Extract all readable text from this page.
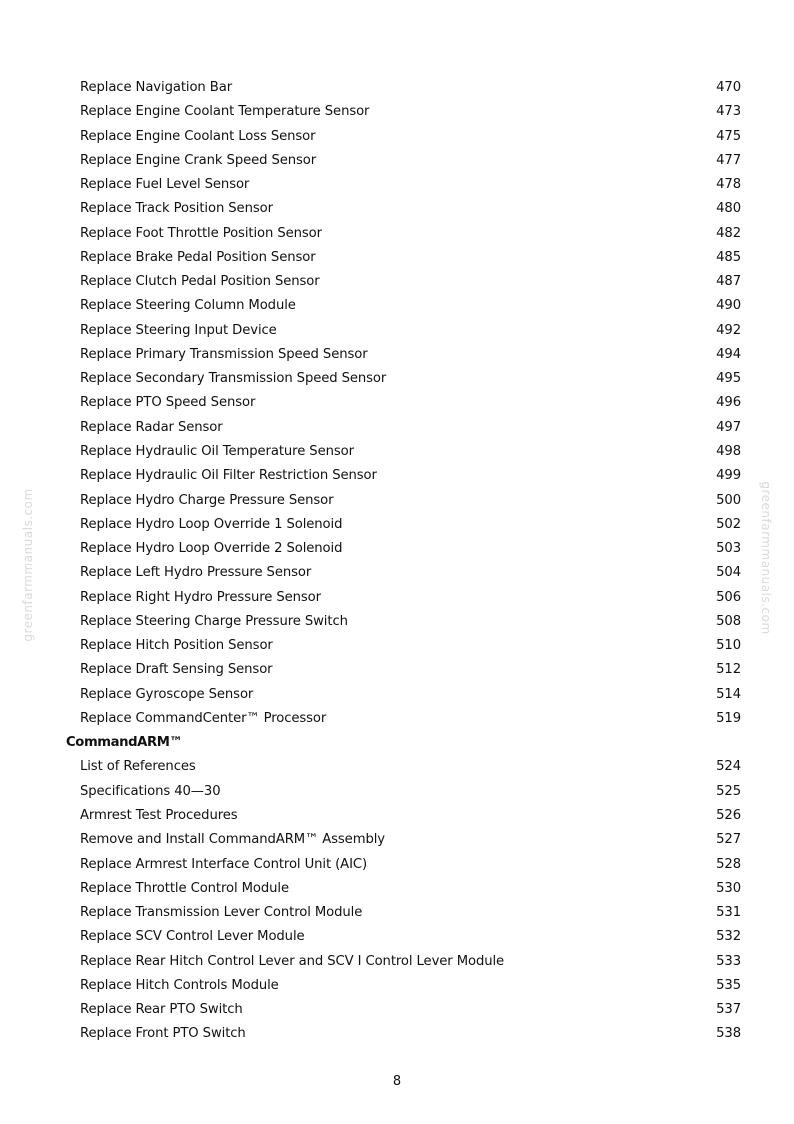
greenfarmmanuals.com	greenfarmmanuals.com
Replace Navigation Bar	470
Replace Engine Coolant Temperature Sensor	473
Replace Engine Coolant Loss Sensor	475
Replace Engine Crank Speed Sensor	477
Replace Fuel Level Sensor	478
Replace Track Position Sensor	480
Replace Foot Throttle Position Sensor	482
Replace Brake Pedal Position Sensor	485
Replace Clutch Pedal Position Sensor	487
Replace Steering Column Module	490
Replace Steering Input Device	492
Replace Primary Transmission Speed Sensor	494
Replace Secondary Transmission Speed Sensor	495
Replace PTO Speed Sensor	496
Replace Radar Sensor	497
Replace Hydraulic Oil Temperature Sensor	498
Replace Hydraulic Oil Filter Restriction Sensor	499
Replace Hydro Charge Pressure Sensor	500
Replace Hydro Loop Override 1 Solenoid	502
Replace Hydro Loop Override 2 Solenoid	503
Replace Left Hydro Pressure Sensor	504
Replace Right Hydro Pressure Sensor	506
Replace Steering Charge Pressure Switch	508
Replace Hitch Position Sensor	510
Replace Draft Sensing Sensor	512
Replace Gyroscope Sensor	514
Replace CommandCenter™ Processor	519
CommandARM™
List of References	524
Specifications 40—30	525
Armrest Test Procedures	526
Remove and Install CommandARM™ Assembly	527
Replace Armrest Interface Control Unit (AIC)	528
Replace Throttle Control Module	530
Replace Transmission Lever Control Module	531
Replace SCV Control Lever Module	532
Replace Rear Hitch Control Lever and SCV I Control Lever Module	533
Replace Hitch Controls Module	535
Replace Rear PTO Switch	537
Replace Front PTO Switch	538
8
